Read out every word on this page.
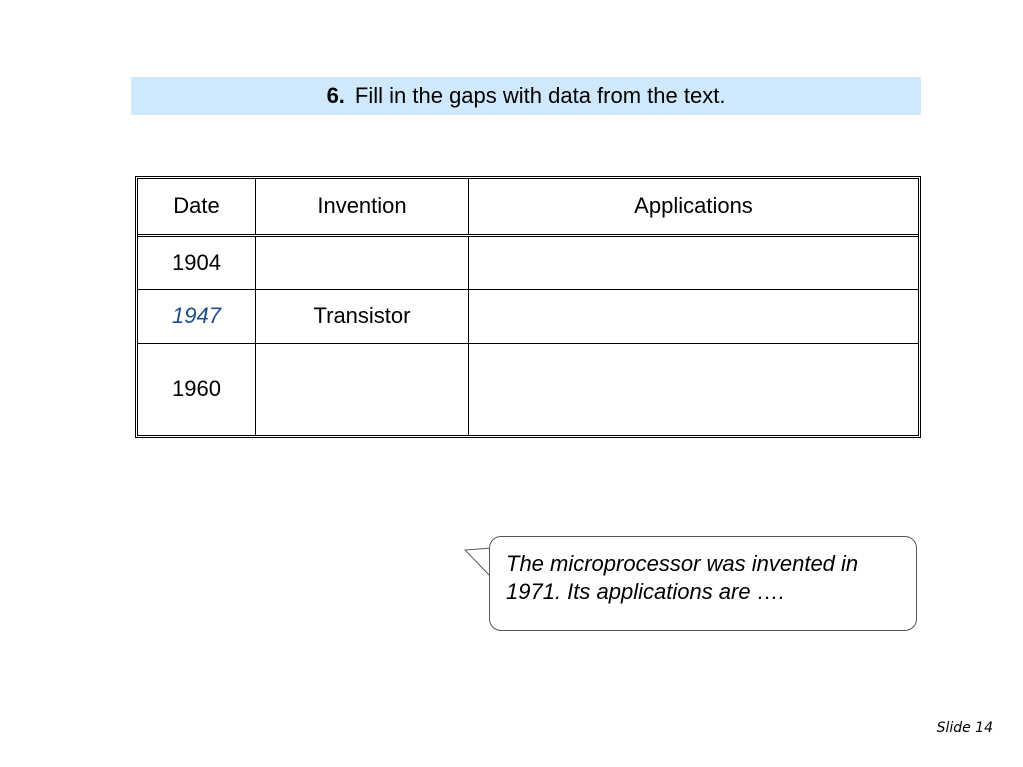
6. Fill in the gaps with data from the text.
Date	Invention	Applications
1904		
1947	Transistor	
1960		
The microprocessor was invented in 1971. Its applications are ….
Slide 14
